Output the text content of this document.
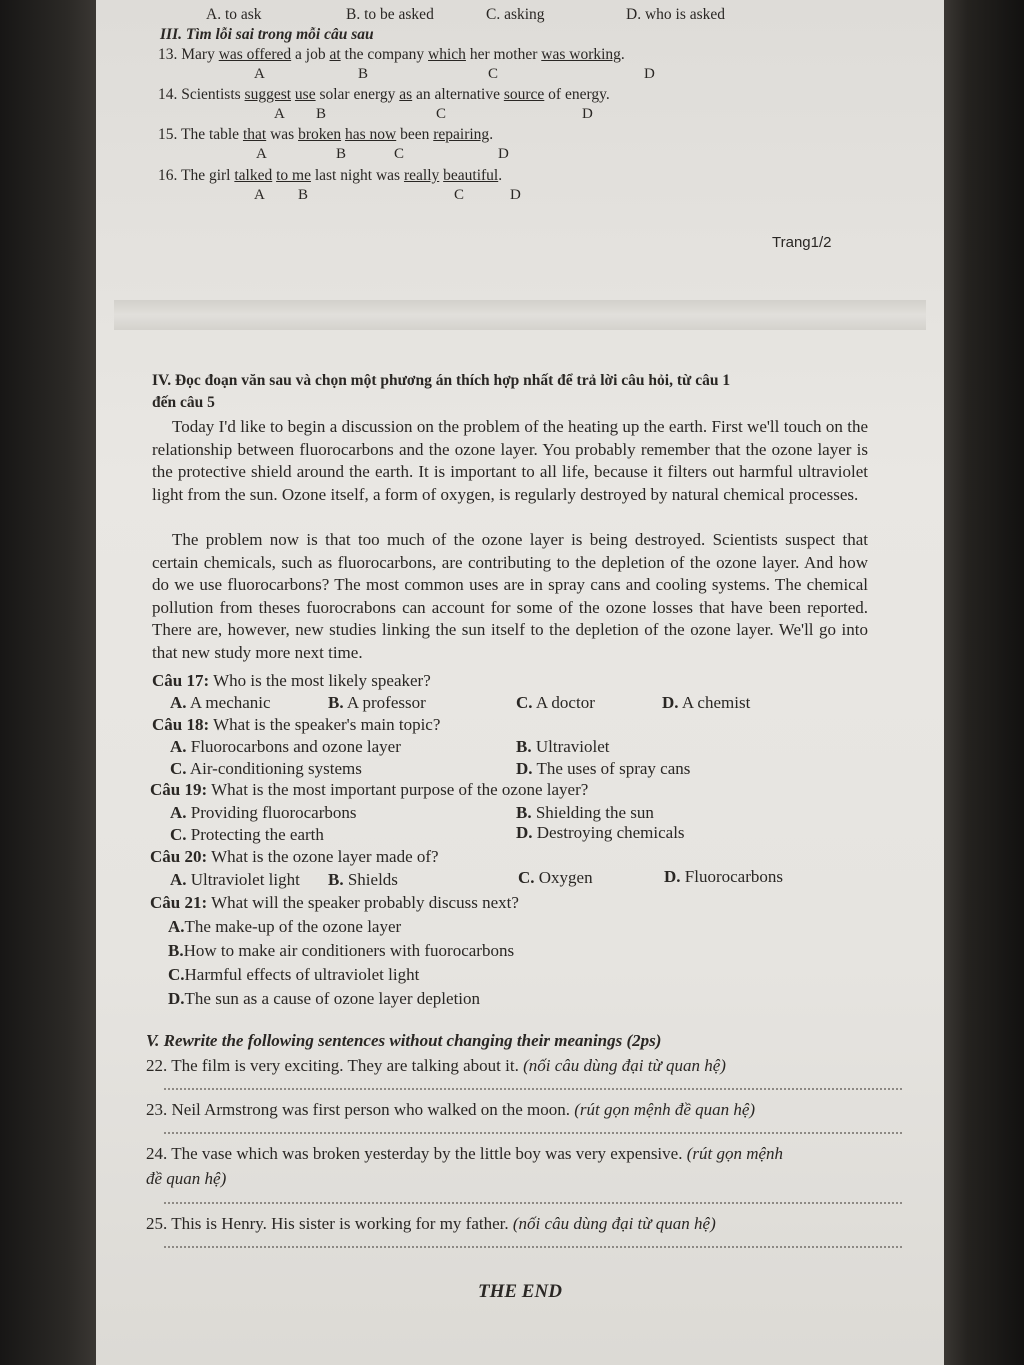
A. to ask	B. to be asked	C. asking	D. who is asked
III. Tìm lỗi sai trong mỗi câu sau
13. Mary was offered a job at the company which her mother was working.
A	B	C	D
14. Scientists suggest use solar energy as an alternative source of energy.
A B	C	D
15. The table that was broken has now been repairing.
A	B	C	D
16. The girl talked to me last night was really beautiful.
A B	C	D
Trang1/2
IV. Đọc đoạn văn sau và chọn một phương án thích hợp nhất để trả lời câu hỏi, từ câu 1
đến câu 5
Today I'd like to begin a discussion on the problem of the heating up the earth. First we'll touch on the relationship between fluorocarbons and the ozone layer. You probably remember that the ozone layer is the protective shield around the earth. It is important to all life, because it filters out harmful ultraviolet light from the sun. Ozone itself, a form of oxygen, is regularly destroyed by natural chemical processes.
The problem now is that too much of the ozone layer is being destroyed. Scientists suspect that certain chemicals, such as fluorocarbons, are contributing to the depletion of the ozone layer. And how do we use fluorocarbons? The most common uses are in spray cans and cooling systems. The chemical pollution from theses fuorocrabons can account for some of the ozone losses that have been reported. There are, however, new studies linking the sun itself to the depletion of the ozone layer. We'll go into that new study more next time.
Câu 17: Who is the most likely speaker?
A. A mechanic	B. A professor	C. A doctor	D. A chemist
Câu 18: What is the speaker's main topic?
A. Fluorocarbons and ozone layer	B. Ultraviolet
C. Air-conditioning systems	D. The uses of spray cans
Câu 19: What is the most important purpose of the ozone layer?
A. Providing fluorocarbons	B. Shielding the sun
C. Protecting the earth	D. Destroying chemicals
Câu 20: What is the ozone layer made of?
A. Ultraviolet light B. Shields	C. Oxygen	D. Fluorocarbons
Câu 21: What will the speaker probably discuss next?
A.The make-up of the ozone layer
B.How to make air conditioners with fuorocarbons
C.Harmful effects of ultraviolet light
D.The sun as a cause of ozone layer depletion
V. Rewrite the following sentences without changing their meanings (2ps)
22. The film is very exciting. They are talking about it. (nối câu dùng đại từ quan hệ)
23. Neil Armstrong was first person who walked on the moon. (rút gọn mệnh đề quan hệ)
24. The vase which was broken yesterday by the little boy was very expensive. (rút gọn mệnh
đề quan hệ)
25. This is Henry. His sister is working for my father. (nối câu dùng đại từ quan hệ)
THE END
